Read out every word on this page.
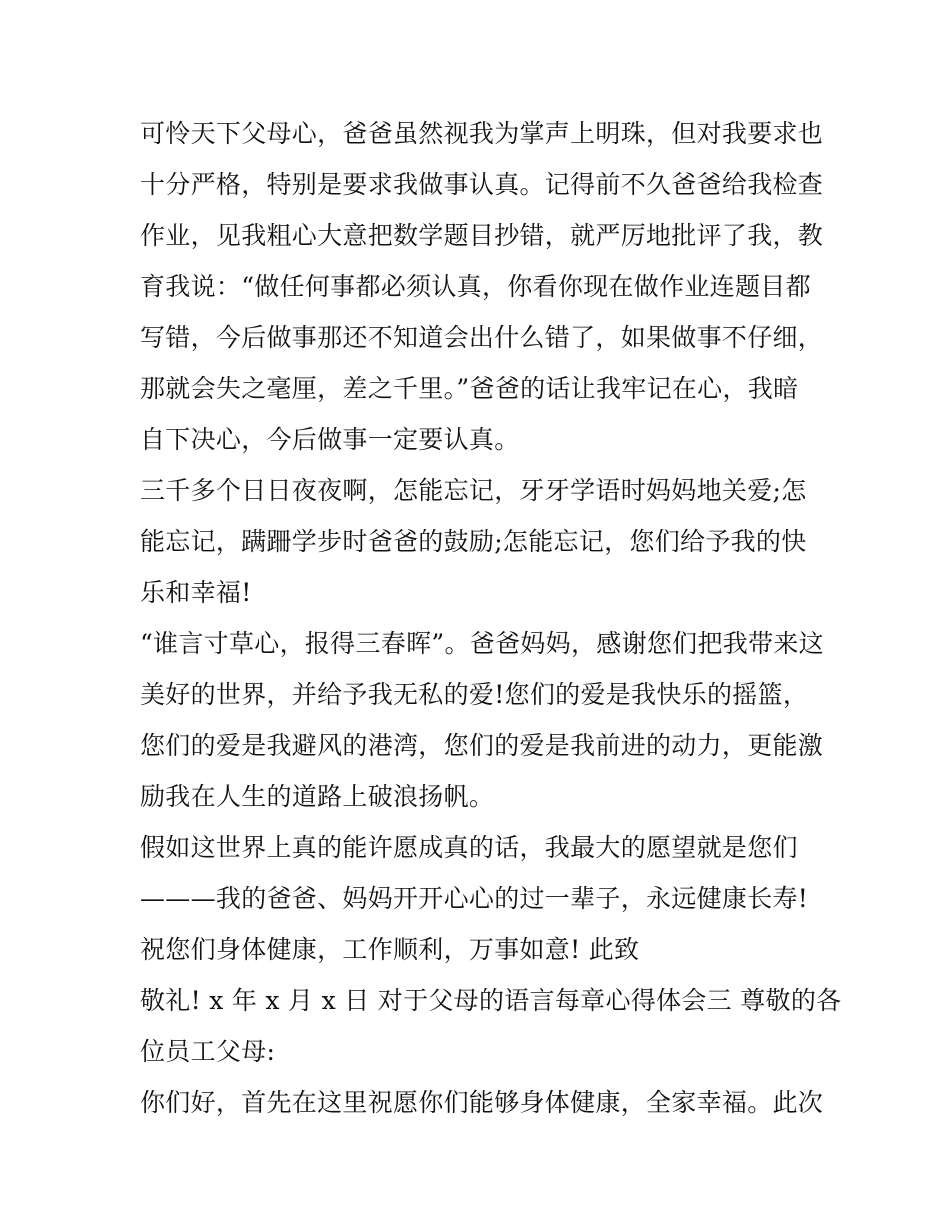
可怜天下父母心，爸爸虽然视我为掌声上明珠，但对我要求也
十分严格，特别是要求我做事认真。记得前不久爸爸给我检查
作业，见我粗心大意把数学题目抄错，就严厉地批评了我，教
育我说：“做任何事都必须认真，你看你现在做作业连题目都
写错，今后做事那还不知道会出什么错了，如果做事不仔细，
那就会失之毫厘，差之千里。”爸爸的话让我牢记在心，我暗
自下决心，今后做事一定要认真。
三千多个日日夜夜啊，怎能忘记，牙牙学语时妈妈地关爱;怎
能忘记，蹒跚学步时爸爸的鼓励;怎能忘记，您们给予我的快
乐和幸福!
“谁言寸草心，报得三春晖”。爸爸妈妈，感谢您们把我带来这
美好的世界，并给予我无私的爱!您们的爱是我快乐的摇篮，
您们的爱是我避风的港湾，您们的爱是我前进的动力，更能激
励我在人生的道路上破浪扬帆。
假如这世界上真的能许愿成真的话，我最大的愿望就是您们
———我的爸爸、妈妈开开心心的过一辈子，永远健康长寿!
祝您们身体健康，工作顺利，万事如意! 此致
敬礼! x 年 x 月 x 日 对于父母的语言每章心得体会三 尊敬的各
位员工父母:
你们好，首先在这里祝愿你们能够身体健康，全家幸福。此次
